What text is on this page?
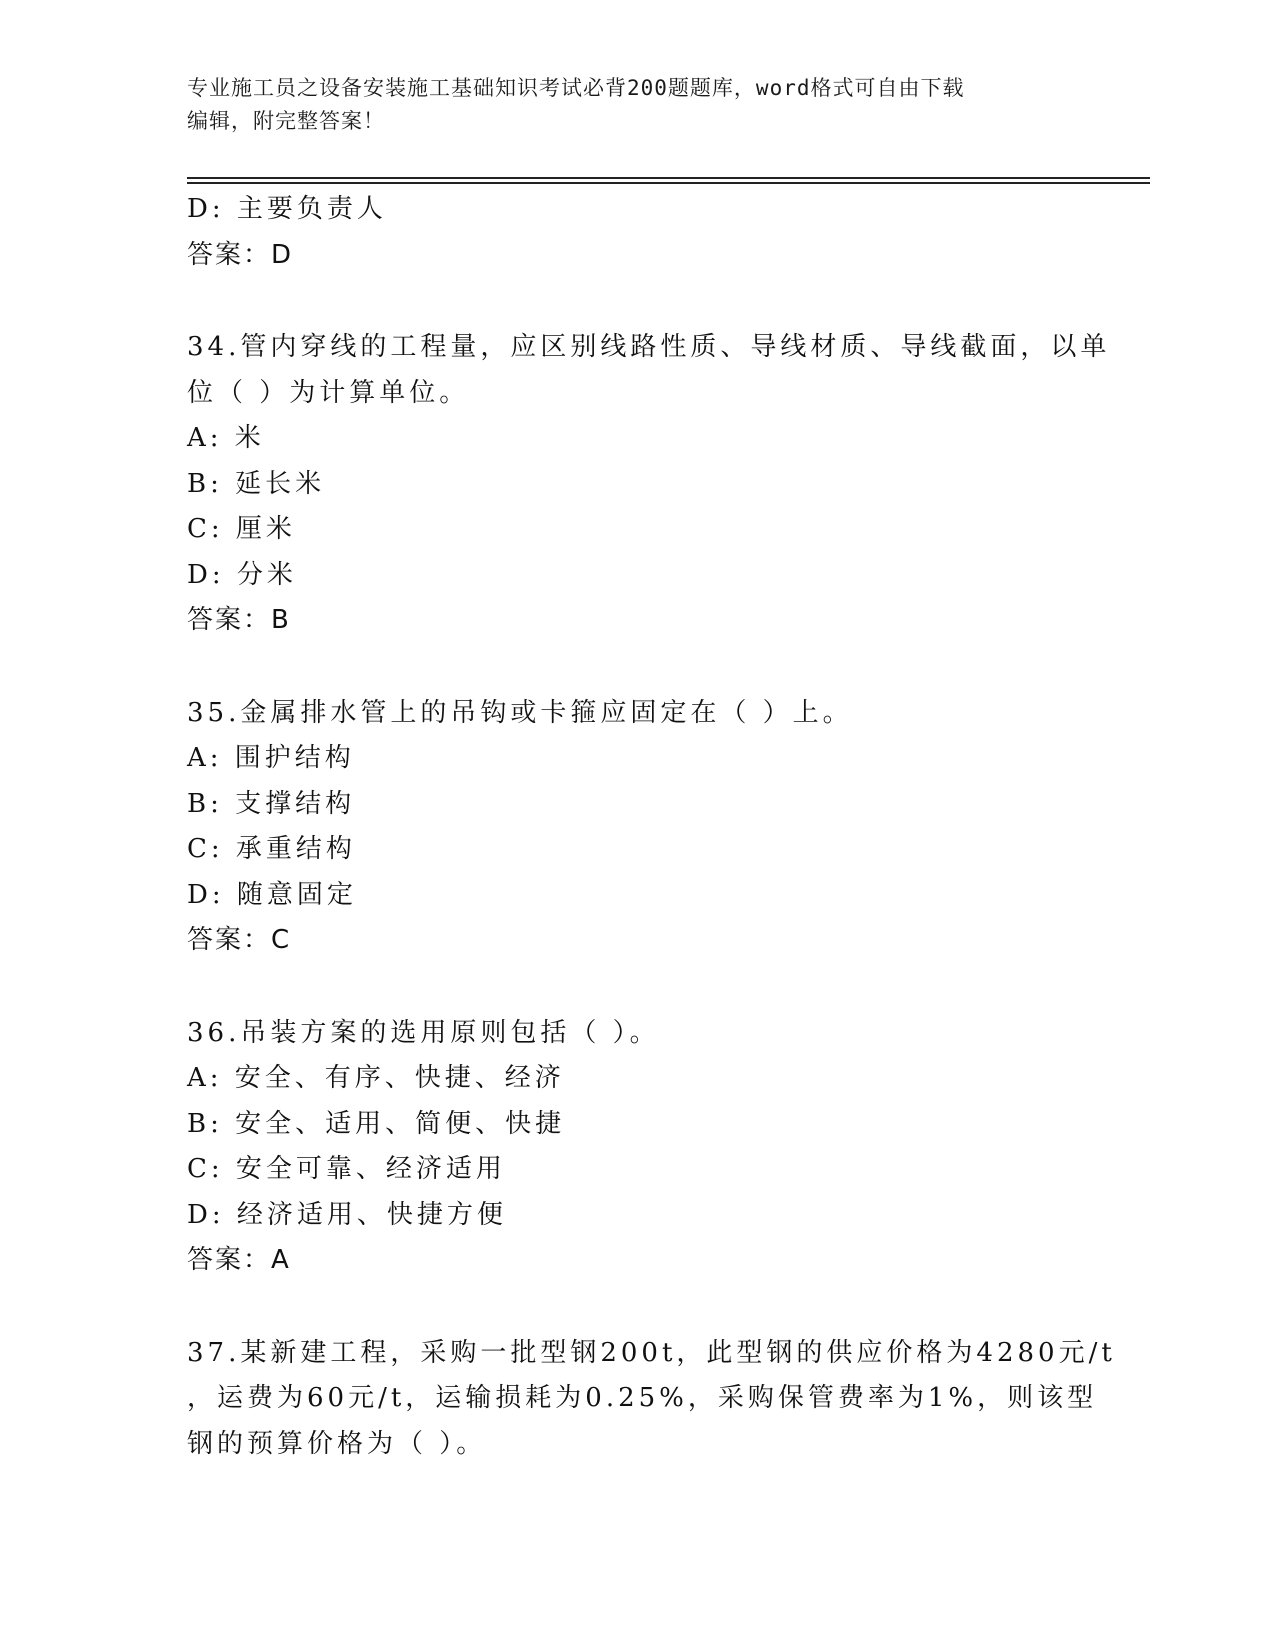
专业施工员之设备安装施工基础知识考试必背200题题库，word格式可自由下载
编辑，附完整答案！
D: 主要负责人
答案：D
34.管内穿线的工程量，应区别线路性质、导线材质、导线截面，以单
位（ ）为计算单位。
A: 米
B: 延长米
C: 厘米
D: 分米
答案：B
35.金属排水管上的吊钩或卡箍应固定在（ ）上。
A: 围护结构
B: 支撑结构
C: 承重结构
D: 随意固定
答案：C
36.吊装方案的选用原则包括（ ）。
A: 安全、有序、快捷、经济
B: 安全、适用、简便、快捷
C: 安全可靠、经济适用
D: 经济适用、快捷方便
答案：A
37.某新建工程，采购一批型钢200t，此型钢的供应价格为4280元/t
，运费为60元/t，运输损耗为0.25%，采购保管费率为1%，则该型
钢的预算价格为（ ）。
